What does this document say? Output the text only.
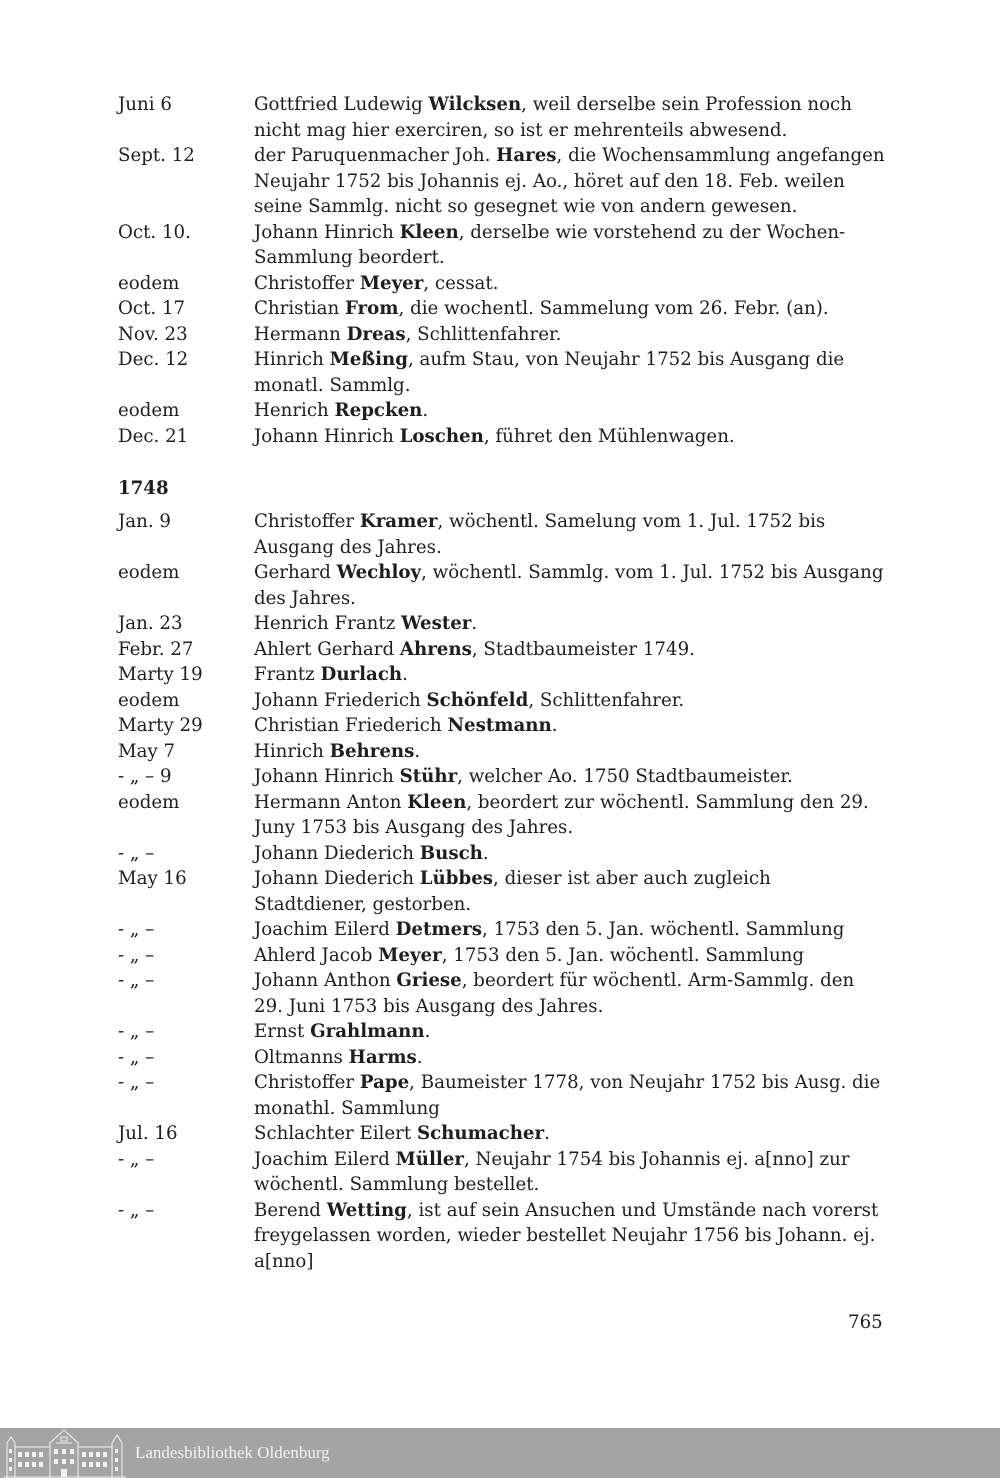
Juni 6	Gottfried Ludewig Wilcksen, weil derselbe sein Profession noch nicht mag hier exerciren, so ist er mehrenteils abwesend.
Sept. 12	der Paruquenmacher Joh. Hares, die Wochensammlung angefangen Neujahr 1752 bis Johannis ej. Ao., höret auf den 18. Feb. weilen seine Sammlg. nicht so gesegnet wie von andern gewesen.
Oct. 10.	Johann Hinrich Kleen, derselbe wie vorstehend zu der Wochen-Sammlung beordert.
eodem	Christoffer Meyer, cessat.
Oct. 17	Christian From, die wochentl. Sammelung vom 26. Febr. (an).
Nov. 23	Hermann Dreas, Schlittenfahrer.
Dec. 12	Hinrich Meßing, aufm Stau, von Neujahr 1752 bis Ausgang die monatl. Sammlg.
eodem	Henrich Repcken.
Dec. 21	Johann Hinrich Loschen, führet den Mühlenwagen.
1748
Jan. 9	Christoffer Kramer, wöchentl. Samelung vom 1. Jul. 1752 bis Ausgang des Jahres.
eodem	Gerhard Wechloy, wöchentl. Sammlg. vom 1. Jul. 1752 bis Ausgang des Jahres.
Jan. 23	Henrich Frantz Wester.
Febr. 27	Ahlert Gerhard Ahrens, Stadtbaumeister 1749.
Marty 19	Frantz Durlach.
eodem	Johann Friederich Schönfeld, Schlittenfahrer.
Marty 29	Christian Friederich Nestmann.
May 7	Hinrich Behrens.
- „ – 9	Johann Hinrich Stühr, welcher Ao. 1750 Stadtbaumeister.
eodem	Hermann Anton Kleen, beordert zur wöchentl. Sammlung den 29. Juny 1753 bis Ausgang des Jahres.
- „ –	Johann Diederich Busch.
May 16	Johann Diederich Lübbes, dieser ist aber auch zugleich Stadtdiener, gestorben.
- „ –	Joachim Eilerd Detmers, 1753 den 5. Jan. wöchentl. Sammlung
- „ –	Ahlerd Jacob Meyer, 1753 den 5. Jan. wöchentl. Sammlung
- „ –	Johann Anthon Griese, beordert für wöchentl. Arm-Sammlg. den 29. Juni 1753 bis Ausgang des Jahres.
- „ –	Ernst Grahlmann.
- „ –	Oltmanns Harms.
- „ –	Christoffer Pape, Baumeister 1778, von Neujahr 1752 bis Ausg. die monathl. Sammlung
Jul. 16	Schlachter Eilert Schumacher.
- „ –	Joachim Eilerd Müller, Neujahr 1754 bis Johannis ej. a[nno] zur wöchentl. Sammlung bestellet.
- „ –	Berend Wetting, ist auf sein Ansuchen und Umstände nach vorerst freygelassen worden, wieder bestellet Neujahr 1756 bis Johann. ej. a[nno]
765
Landesbibliothek Oldenburg
